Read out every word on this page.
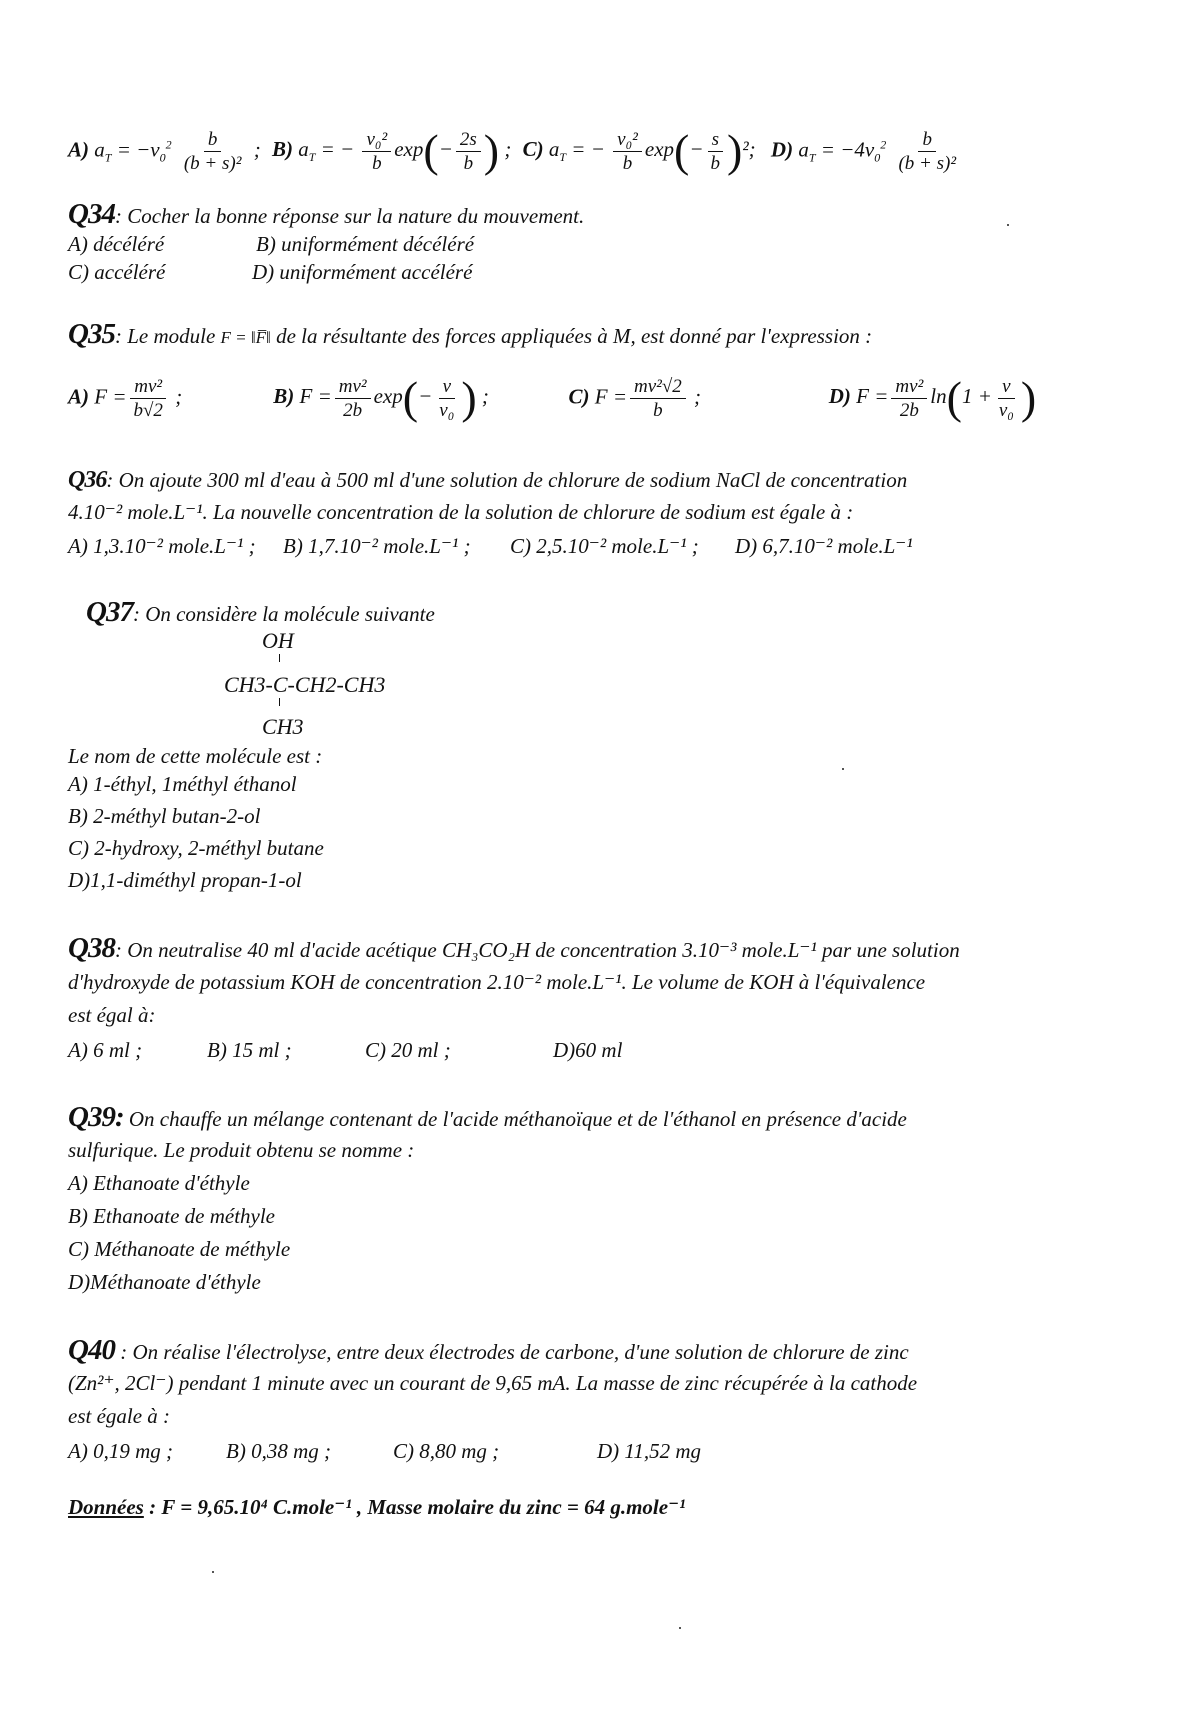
A) $a_T = -v_0^2 \frac{b}{\text{(b + s)²}}$ ; B) $a_T$ = − $\frac{\text{v₀²}}{b} \exp(- \frac{2s}{b}$ ) ; C) $a_T$ = − $\frac{\text{v₀²}}{b} \exp(- \frac{s}{b} )^2$; D) $a_T = -4v_0^2 \frac{b}{\text{(b + s)²}}$
Q34: Cocher la bonne réponse sur la nature du mouvement.
A) décéléré	B) uniformément décéléré
C) accéléré	D) uniformément accéléré
Q35: Le module F = ‖F̅‖ de la résultante des forces appliquées à M, est donné par l'expression :
A) $F = \frac{\text{mv²}}{b√2}$ ;	B) $F = \frac{\text{mv²}}{2b} \exp(- \frac{v}{\text{v₀}}$ ) ;	C) $F = \frac{\text{mv²√2}}{b}$ ;	D) $F = \frac{\text{mv²}}{2b} \ln(1 + \frac{v}{\text{v₀}}$ )
Q36: On ajoute 300 ml d'eau à 500 ml d'une solution de chlorure de sodium NaCl de concentration
4.10⁻² mole.L⁻¹. La nouvelle concentration de la solution de chlorure de sodium est égale à :
A) 1,3.10⁻² mole.L⁻¹ ; B) 1,7.10⁻² mole.L⁻¹ ; C) 2,5.10⁻² mole.L⁻¹ ; D) 6,7.10⁻² mole.L⁻¹
Q37: On considère la molécule suivante
OH
CH3-C-CH2-CH3
CH3
Le nom de cette molécule est :
A) 1-éthyl, 1méthyl éthanol
B) 2-méthyl butan-2-ol
C) 2-hydroxy, 2-méthyl butane
D)1,1-diméthyl propan-1-ol
Q38: On neutralise 40 ml d'acide acétique CH₃CO₂H de concentration 3.10⁻³ mole.L⁻¹ par une solution
d'hydroxyde de potassium KOH de concentration 2.10⁻² mole.L⁻¹. Le volume de KOH à l'équivalence
est égal à:
A) 6 ml ;	B) 15 ml ;	C) 20 ml ;	D)60 ml
Q39: On chauffe un mélange contenant de l'acide méthanoïque et de l'éthanol en présence d'acide
sulfurique. Le produit obtenu se nomme :
A) Ethanoate d'éthyle
B) Ethanoate de méthyle
C) Méthanoate de méthyle
D)Méthanoate d'éthyle
Q40 : On réalise l'électrolyse, entre deux électrodes de carbone, d'une solution de chlorure de zinc
(Zn²⁺, 2Cl⁻) pendant 1 minute avec un courant de 9,65 mA. La masse de zinc récupérée à la cathode
est égale à :
A) 0,19 mg ;	B) 0,38 mg ;	C) 8,80 mg ;	D) 11,52 mg
Données : F = 9,65.10⁴ C.mole⁻¹ , Masse molaire du zinc = 64 g.mole⁻¹
